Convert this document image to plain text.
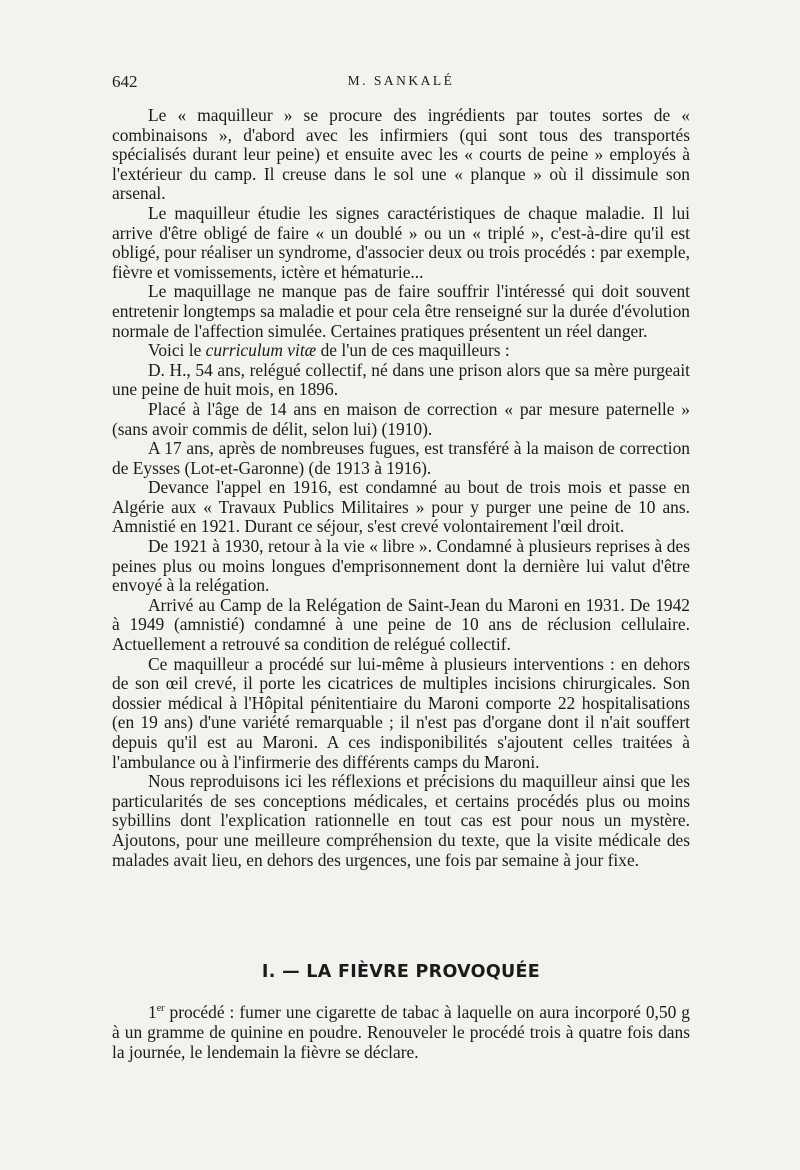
642	M. SANKALÉ

Le « maquilleur » se procure des ingrédients par toutes sortes de « combinaisons », d'abord avec les infirmiers (qui sont tous des transportés spécialisés durant leur peine) et ensuite avec les « courts de peine » employés à l'extérieur du camp. Il creuse dans le sol une « planque » où il dissimule son arsenal.

Le maquilleur étudie les signes caractéristiques de chaque maladie. Il lui arrive d'être obligé de faire « un doublé » ou un « triplé », c'est-à-dire qu'il est obligé, pour réaliser un syndrome, d'associer deux ou trois procédés : par exemple, fièvre et vomissements, ictère et hématurie...

Le maquillage ne manque pas de faire souffrir l'intéressé qui doit souvent entretenir longtemps sa maladie et pour cela être renseigné sur la durée d'évolution normale de l'affection simulée. Certaines pratiques présentent un réel danger.

Voici le curriculum vitæ de l'un de ces maquilleurs :

D. H., 54 ans, relégué collectif, né dans une prison alors que sa mère purgeait une peine de huit mois, en 1896.

Placé à l'âge de 14 ans en maison de correction « par mesure paternelle » (sans avoir commis de délit, selon lui) (1910).

A 17 ans, après de nombreuses fugues, est transféré à la maison de correction de Eysses (Lot-et-Garonne) (de 1913 à 1916).

Devance l'appel en 1916, est condamné au bout de trois mois et passe en Algérie aux « Travaux Publics Militaires » pour y purger une peine de 10 ans. Amnistié en 1921. Durant ce séjour, s'est crevé volontairement l'œil droit.

De 1921 à 1930, retour à la vie « libre ». Condamné à plusieurs reprises à des peines plus ou moins longues d'emprisonnement dont la dernière lui valut d'être envoyé à la relégation.

Arrivé au Camp de la Relégation de Saint-Jean du Maroni en 1931. De 1942 à 1949 (amnistié) condamné à une peine de 10 ans de réclusion cellulaire. Actuellement a retrouvé sa condition de relégué collectif.

Ce maquilleur a procédé sur lui-même à plusieurs interventions : en dehors de son œil crevé, il porte les cicatrices de multiples incisions chirurgicales. Son dossier médical à l'Hôpital pénitentiaire du Maroni comporte 22 hospitalisations (en 19 ans) d'une variété remarquable ; il n'est pas d'organe dont il n'ait souffert depuis qu'il est au Maroni. A ces indisponibilités s'ajoutent celles traitées à l'ambulance ou à l'infirmerie des différents camps du Maroni.

Nous reproduisons ici les réflexions et précisions du maquilleur ainsi que les particularités de ses conceptions médicales, et certains procédés plus ou moins sybillins dont l'explication rationnelle en tout cas est pour nous un mystère. Ajoutons, pour une meilleure compréhension du texte, que la visite médicale des malades avait lieu, en dehors des urgences, une fois par semaine à jour fixe.

I. — LA FIÈVRE PROVOQUÉE

1er procédé : fumer une cigarette de tabac à laquelle on aura incorporé 0,50 g à un gramme de quinine en poudre. Renouveler le procédé trois à quatre fois dans la journée, le lendemain la fièvre se déclare.
